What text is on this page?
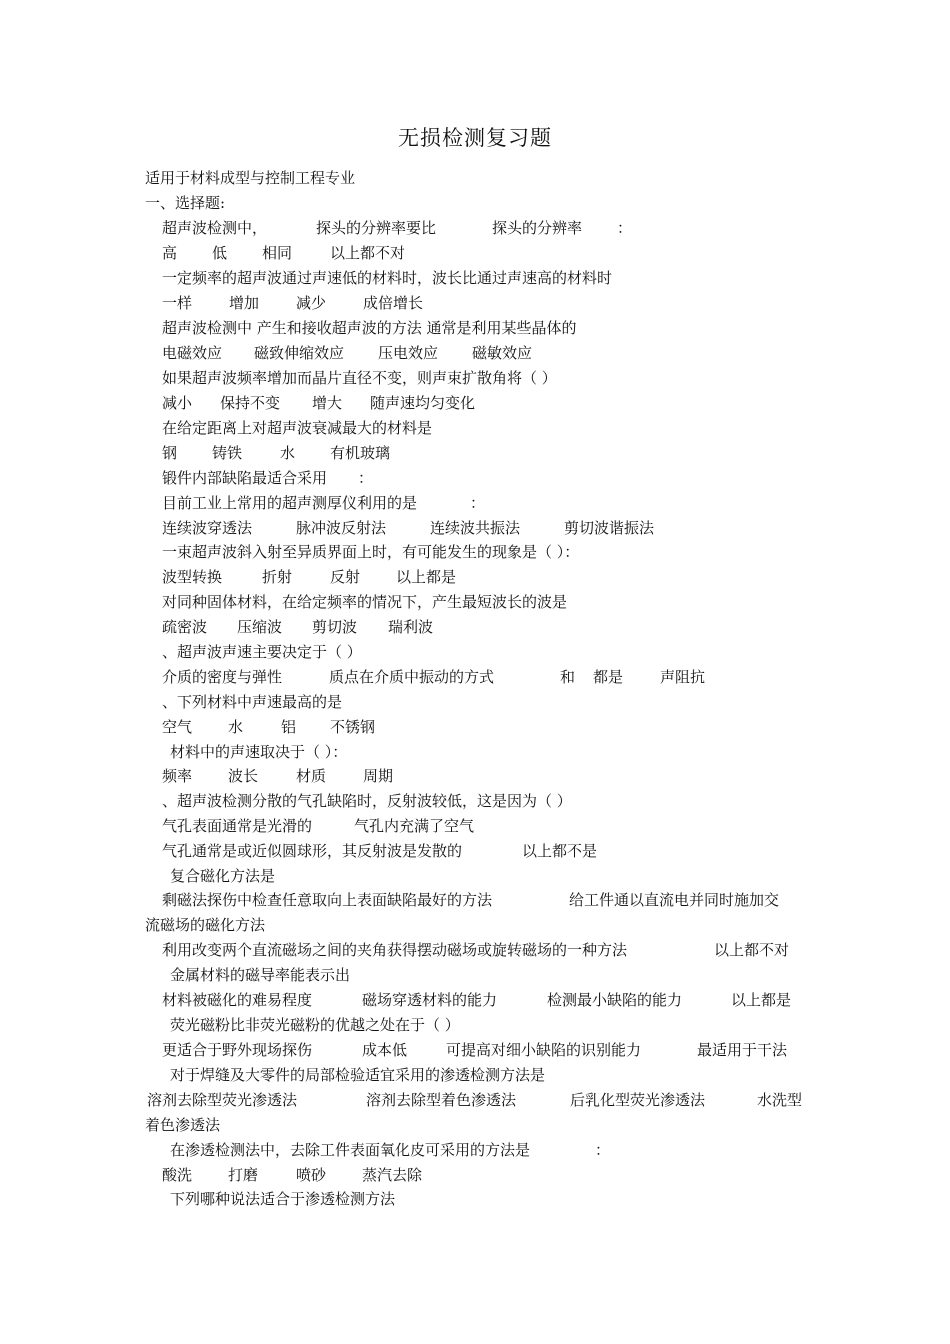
无损检测复习题
适用于材料成型与控制工程专业
一、选择题:
超声波检测中，	探头的分辨率要比	探头的分辨率 ：
高 低 相同	以上都不对
一定频率的超声波通过声速低的材料时，波长比通过声速高的材料时
一样 增加 减少 成倍增长
超声波检测中 产生和接收超声波的方法 通常是利用某些晶体的
电磁效应 磁致伸缩效应 压电效应 磁敏效应
如果超声波频率增加而晶片直径不变，则声束扩散角将（ ）
减小 保持不变 增大 随声速均匀变化
在给定距离上对超声波衰减最大的材料是
钢 铸铁	水 有机玻璃
锻件内部缺陷最适合采用 ：
目前工业上常用的超声测厚仪利用的是	：
连续波穿透法	脉冲波反射法	连续波共振法	剪切波谐振法
一束超声波斜入射至异质界面上时，有可能发生的现象是（ ）：
波型转换	折射	反射 以上都是
对同种固体材料，在给定频率的情况下，产生最短波长的波是
疏密波 压缩波 剪切波 瑞利波
、超声波声速主要决定于（ ）
介质的密度与弹性	质点在介质中振动的方式	和 都是 声阻抗
、下列材料中声速最高的是
空气 水	铝 不锈钢
材料中的声速取决于（ ）：
频率 波长	材质 周期
、超声波检测分散的气孔缺陷时，反射波较低，这是因为（ ）
气孔表面通常是光滑的	气孔内充满了空气
气孔通常是或近似圆球形，其反射波是发散的	以上都不是
复合磁化方法是
剩磁法探伤中检查任意取向上表面缺陷最好的方法	给工件通以直流电并同时施加交
流磁场的磁化方法
利用改变两个直流磁场之间的夹角获得摆动磁场或旋转磁场的一种方法	以上都不对
金属材料的磁导率能表示出
材料被磁化的难易程度	磁场穿透材料的能力	检测最小缺陷的能力	以上都是
荧光磁粉比非荧光磁粉的优越之处在于（ ）
更适合于野外现场探伤	成本低	可提高对细小缺陷的识别能力	最适用于干法
对于焊缝及大零件的局部检验适宜采用的渗透检测方法是
溶剂去除型荧光渗透法	溶剂去除型着色渗透法	后乳化型荧光渗透法	水洗型
着色渗透法
在渗透检测法中，去除工件表面氧化皮可采用的方法是	：
酸洗 打磨	喷砂 蒸汽去除
下列哪种说法适合于渗透检测方法
